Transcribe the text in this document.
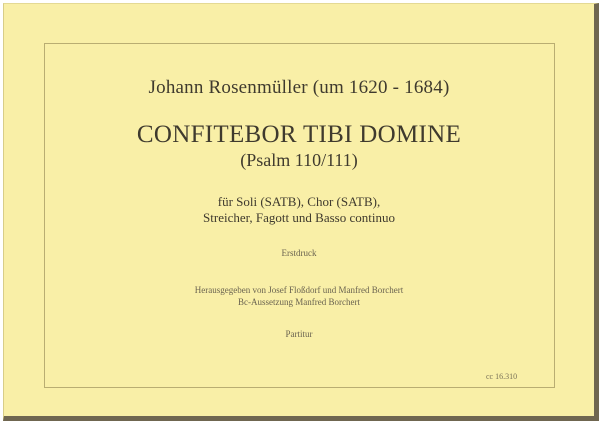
Johann Rosenmüller (um 1620 - 1684)
CONFITEBOR TIBI DOMINE
(Psalm 110/111)
für Soli (SATB), Chor (SATB),
Streicher, Fagott und Basso continuo
Erstdruck
Herausgegeben von Josef Floßdorf und Manfred Borchert
Bc-Aussetzung Manfred Borchert
Partitur
cc 16.310
